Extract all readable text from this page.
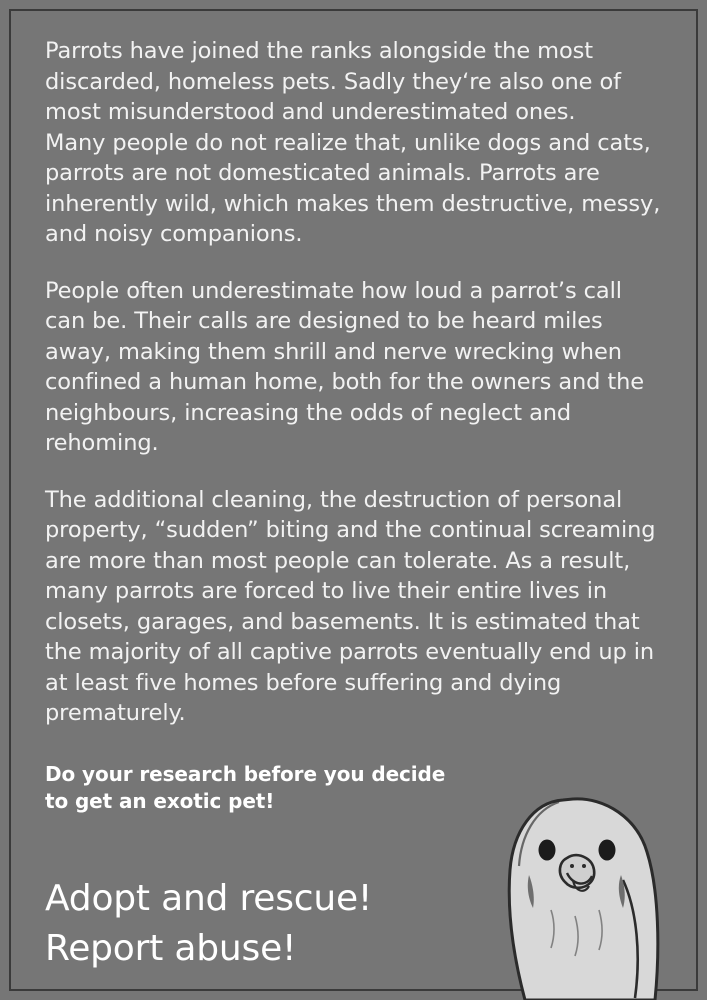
Parrots have joined the ranks alongside the most discarded, homeless pets. Sadly they‘re also one of most misunderstood and underestimated ones.
Many people do not realize that, unlike dogs and cats, parrots are not domesticated animals. Parrots are inherently wild, which makes them destructive, messy, and noisy companions.

People often underestimate how loud a parrot’s call can be. Their calls are designed to be heard miles away, making them shrill and nerve wrecking when confined a human home, both for the owners and the neighbours, increasing the odds of neglect and rehoming.

The additional cleaning, the destruction of personal property, “sudden” biting and the continual screaming are more than most people can tolerate. As a result, many parrots are forced to live their entire lives in closets, garages, and basements. It is estimated that the majority of all captive parrots eventually end up in at least five homes before suffering and dying prematurely.

Do your research before you decide
to get an exotic pet!

Adopt and rescue!

Report abuse!
